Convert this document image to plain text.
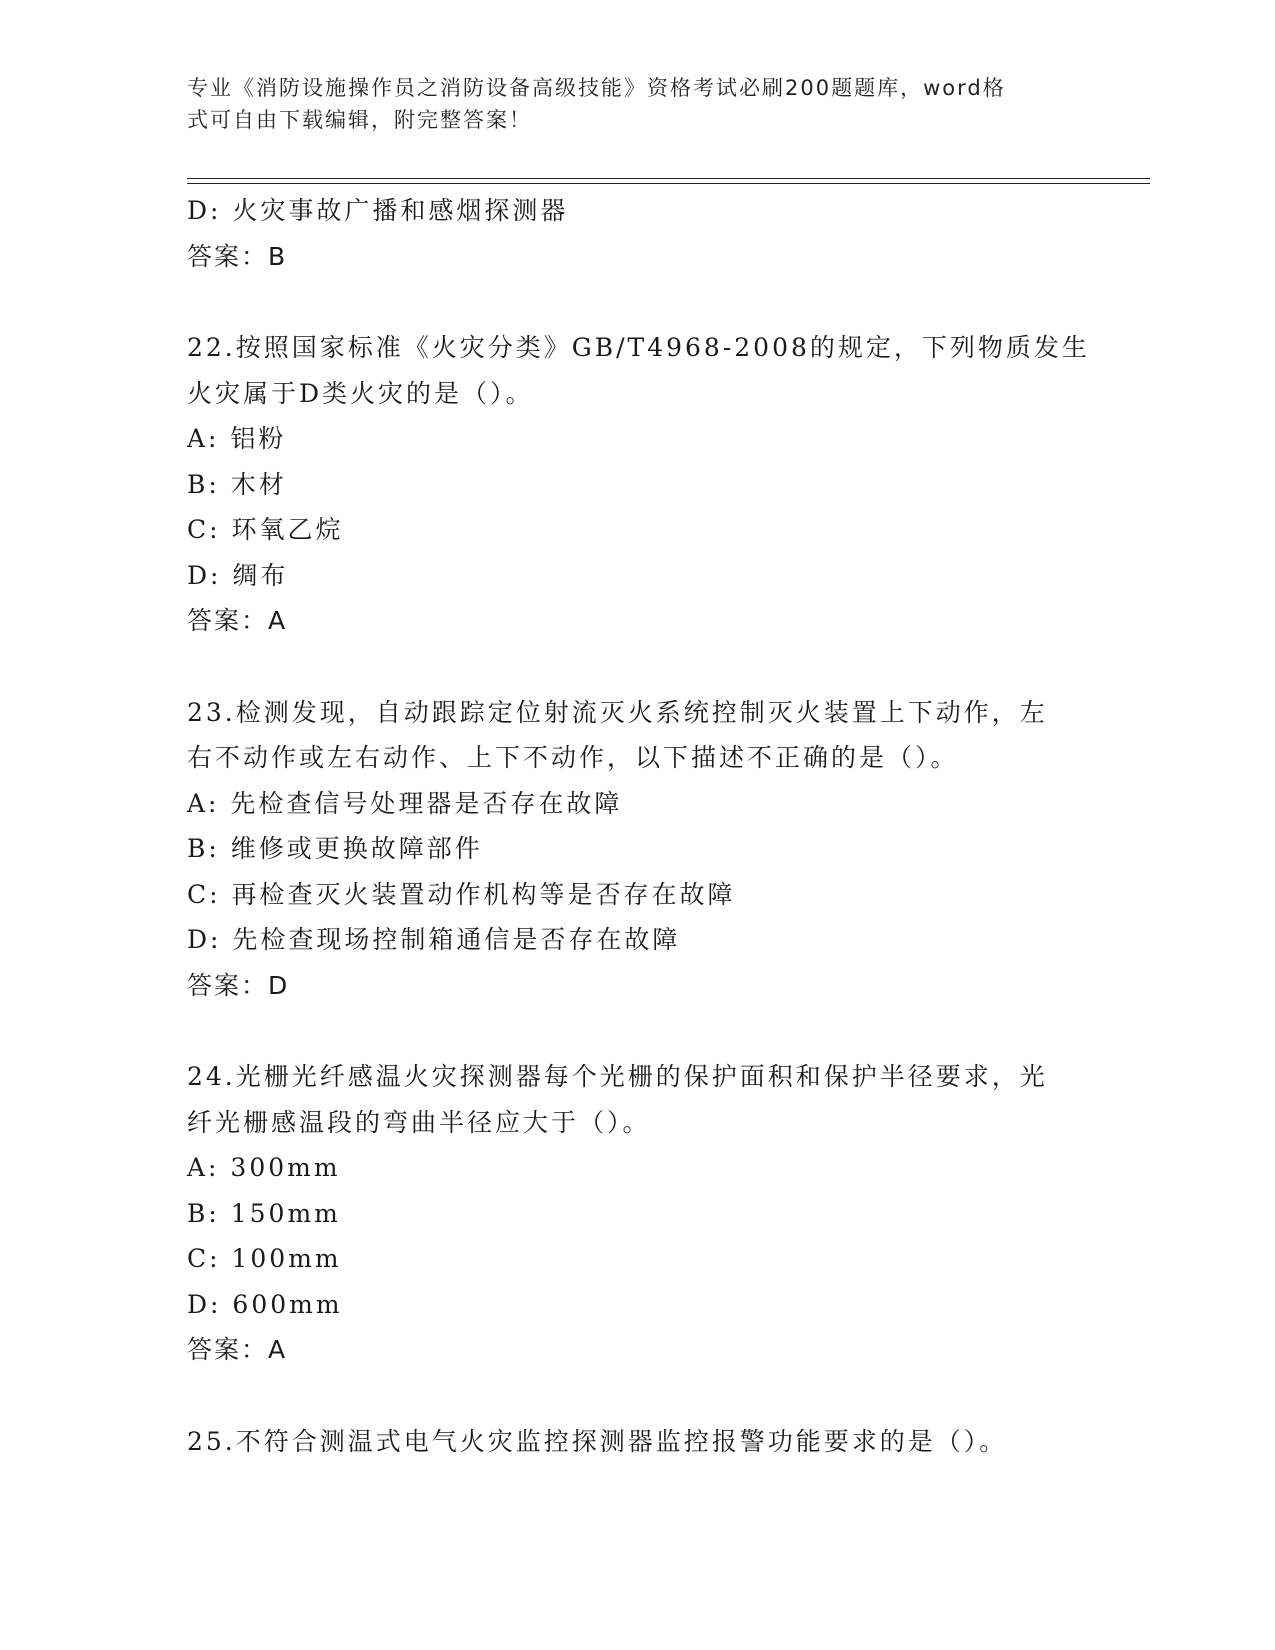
专业《消防设施操作员之消防设备高级技能》资格考试必刷200题题库，word格
式可自由下载编辑，附完整答案！
D: 火灾事故广播和感烟探测器
答案：B
22.按照国家标准《火灾分类》GB/T4968-2008的规定，下列物质发生
火灾属于D类火灾的是（）。
A: 铝粉
B: 木材
C: 环氧乙烷
D: 绸布
答案：A
23.检测发现，自动跟踪定位射流灭火系统控制灭火装置上下动作，左
右不动作或左右动作、上下不动作，以下描述不正确的是（）。
A: 先检查信号处理器是否存在故障
B: 维修或更换故障部件
C: 再检查灭火装置动作机构等是否存在故障
D: 先检查现场控制箱通信是否存在故障
答案：D
24.光栅光纤感温火灾探测器每个光栅的保护面积和保护半径要求，光
纤光栅感温段的弯曲半径应大于（）。
A: 300mm
B: 150mm
C: 100mm
D: 600mm
答案：A
25.不符合测温式电气火灾监控探测器监控报警功能要求的是（）。
